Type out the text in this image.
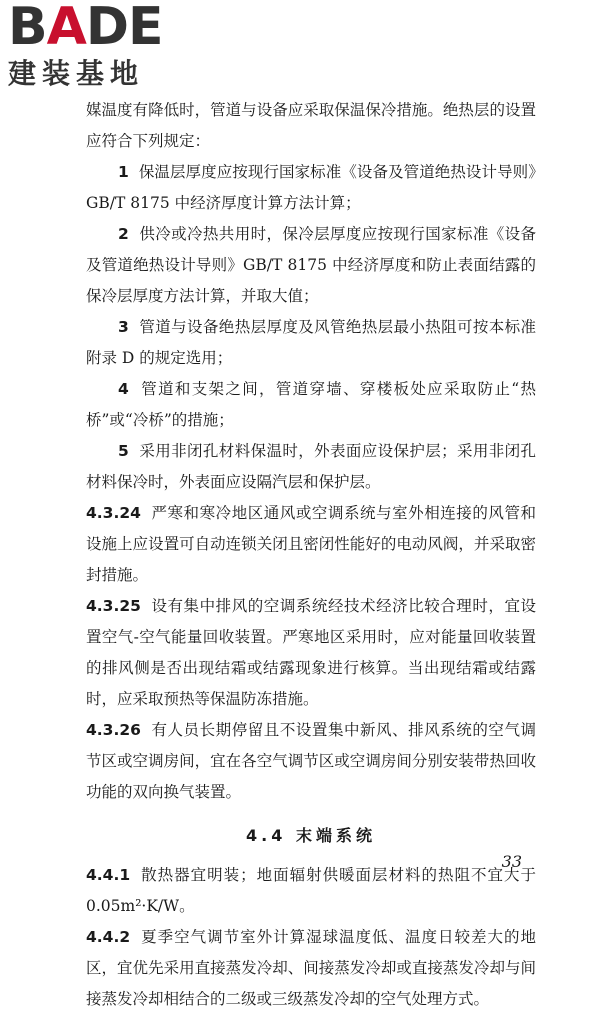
BADE
建装基地

媒温度有降低时，管道与设备应采取保温保冷措施。绝热层的设置应符合下列规定：

1 保温层厚度应按现行国家标准《设备及管道绝热设计导则》GB/T 8175 中经济厚度计算方法计算；

2 供冷或冷热共用时，保冷层厚度应按现行国家标准《设备及管道绝热设计导则》GB/T 8175 中经济厚度和防止表面结露的保冷层厚度方法计算，并取大值；

3 管道与设备绝热层厚度及风管绝热层最小热阻可按本标准附录 D 的规定选用；

4 管道和支架之间，管道穿墙、穿楼板处应采取防止“热桥”或“冷桥”的措施；

5 采用非闭孔材料保温时，外表面应设保护层；采用非闭孔材料保冷时，外表面应设隔汽层和保护层。

4.3.24 严寒和寒冷地区通风或空调系统与室外相连接的风管和设施上应设置可自动连锁关闭且密闭性能好的电动风阀，并采取密封措施。

4.3.25 设有集中排风的空调系统经技术经济比较合理时，宜设置空气-空气能量回收装置。严寒地区采用时，应对能量回收装置的排风侧是否出现结霜或结露现象进行核算。当出现结霜或结露时，应采取预热等保温防冻措施。

4.3.26 有人员长期停留且不设置集中新风、排风系统的空气调节区或空调房间，宜在各空气调节区或空调房间分别安装带热回收功能的双向换气装置。

4.4 末端系统

4.4.1 散热器宜明装；地面辐射供暖面层材料的热阻不宜大于0.05m²·K/W。

4.4.2 夏季空气调节室外计算湿球温度低、温度日较差大的地区，宜优先采用直接蒸发冷却、间接蒸发冷却或直接蒸发冷却与间接蒸发冷却相结合的二级或三级蒸发冷却的空气处理方式。

33
